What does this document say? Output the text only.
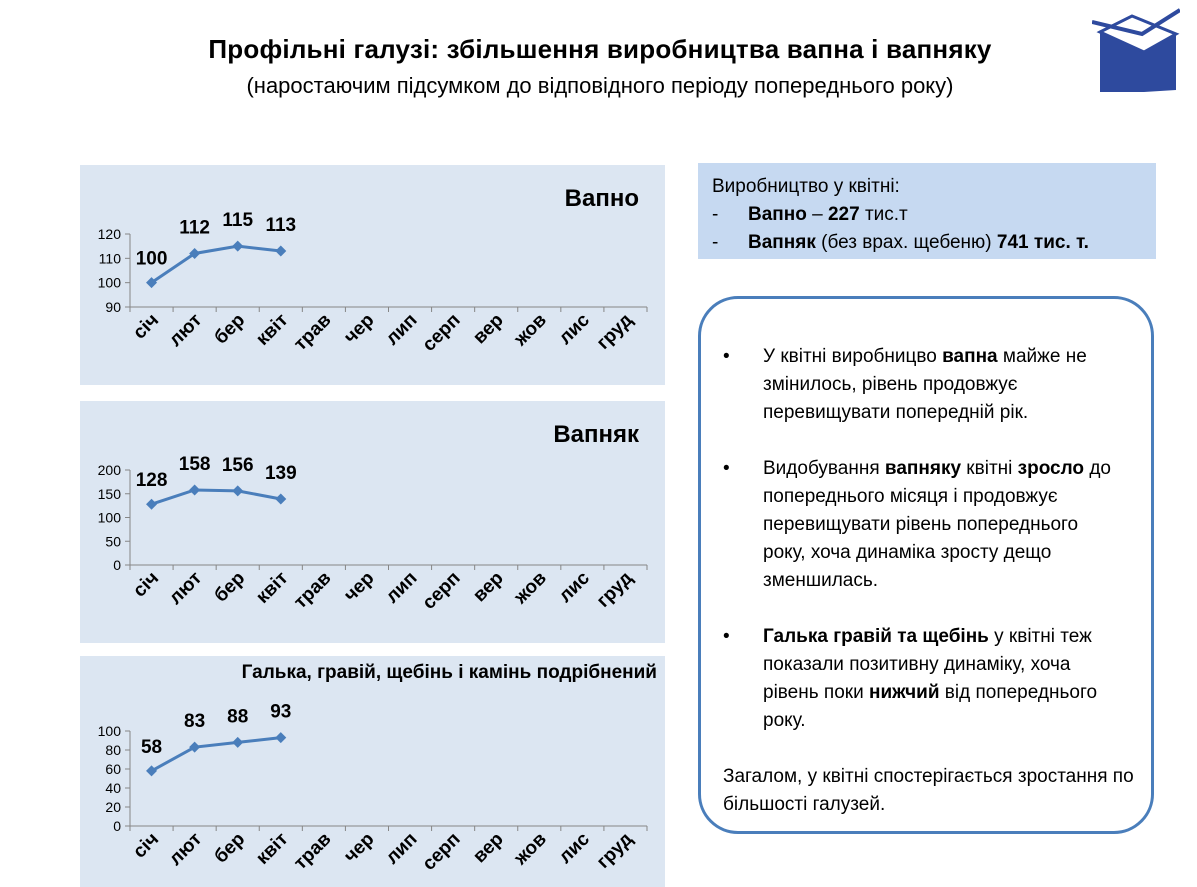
Профільні галузі: збільшення виробництва вапна і вапняку
(наростаючим підсумком до відповідного періоду попереднього року)
90
100
110
120
січ лют бер квіт
трав чер лип
серп вер жов лис
груд
100
112 115 113
Вапно
0
50
100
150
200
січ лют бер квіт
трав чер лип
серп вер жов лис
груд
128
158 156 139
Вапняк
0
20
40
60
80
100
січ лют бер квіт
трав чер лип
серп вер жов лис
груд
58
83 88 93
Галька, гравій, щебінь і камінь подрібнений
Виробництво у квітні:
-	Вапно – 227 тис.т
-	Вапняк (без врах. щебеню) 741 тис. т.
•	У квітні виробницво вапна майже не змінилось, рівень продовжує перевищувати попередній рік.
•	Видобування вапняку квітні зросло до попереднього місяця і продовжує перевищувати рівень попереднього року, хоча динаміка зросту дещо зменшилась.
•	Галька гравій та щебінь у квітні теж показали позитивну динаміку, хоча рівень поки нижчий від попереднього року.
Загалом, у квітні спостерігається зростання по більшості галузей.
